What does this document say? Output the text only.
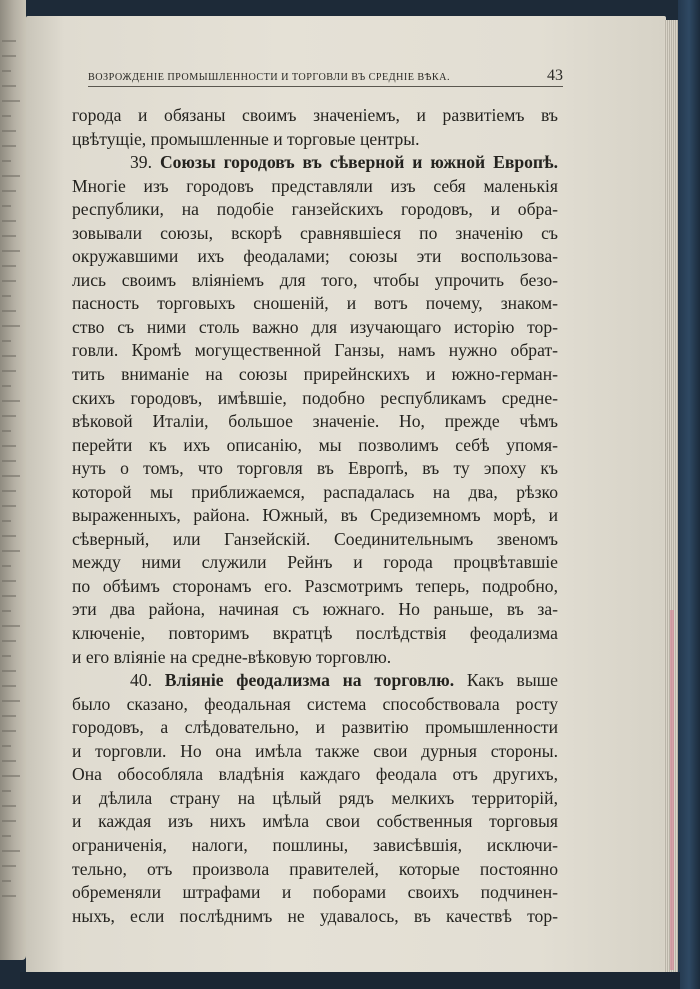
ВОЗРОЖДЕНІЕ ПРОМЫШЛЕННОСТИ И ТОРГОВЛИ ВЪ СРЕДНІЕ ВѢКА.	43
города и обязаны своимъ значеніемъ, и развитіемъ въ
цвѣтущіе, промышленные и торговые центры.
39. Союзы городовъ въ сѣверной и южной Европѣ.
Многіе изъ городовъ представляли изъ себя маленькія
республики, на подобіе ганзейскихъ городовъ, и обра-
зовывали союзы, вскорѣ сравнявшіеся по значенію съ
окружавшими ихъ феодалами; союзы эти воспользова-
лись своимъ вліяніемъ для того, чтобы упрочить безо-
пасность торговыхъ сношеній, и вотъ почему, знаком-
ство съ ними столь важно для изучающаго исторію тор-
говли. Кромѣ могущественной Ганзы, намъ нужно обрат-
тить вниманіе на союзы прирейнскихъ и южно-герман-
скихъ городовъ, имѣвшіе, подобно республикамъ средне-
вѣковой Италіи, большое значеніе. Но, прежде чѣмъ
перейти къ ихъ описанію, мы позволимъ себѣ упомя-
нуть о томъ, что торговля въ Европѣ, въ ту эпоху къ
которой мы приближаемся, распадалась на два, рѣзко
выраженныхъ, района. Южный, въ Средиземномъ морѣ, и
сѣверный, или Ганзейскій. Соединительнымъ звеномъ
между ними служили Рейнъ и города процвѣтавшіе
по обѣимъ сторонамъ его. Разсмотримъ теперь, подробно,
эти два района, начиная съ южнаго. Но раньше, въ за-
ключеніе, повторимъ вкратцѣ послѣдствія феодализма
и его вліяніе на средне-вѣковую торговлю.
40. Вліяніе феодализма на торговлю. Какъ выше
было сказано, феодальная система способствовала росту
городовъ, а слѣдовательно, и развитію промышленности
и торговли. Но она имѣла также свои дурныя стороны.
Она обособляла владѣнія каждаго феодала отъ другихъ,
и дѣлила страну на цѣлый рядъ мелкихъ территорій,
и каждая изъ нихъ имѣла свои собственныя торговыя
ограниченія, налоги, пошлины, зависѣвшія, исключи-
тельно, отъ произвола правителей, которые постоянно
обременяли штрафами и поборами своихъ подчинен-
ныхъ, если послѣднимъ не удавалось, въ качествѣ тор-
